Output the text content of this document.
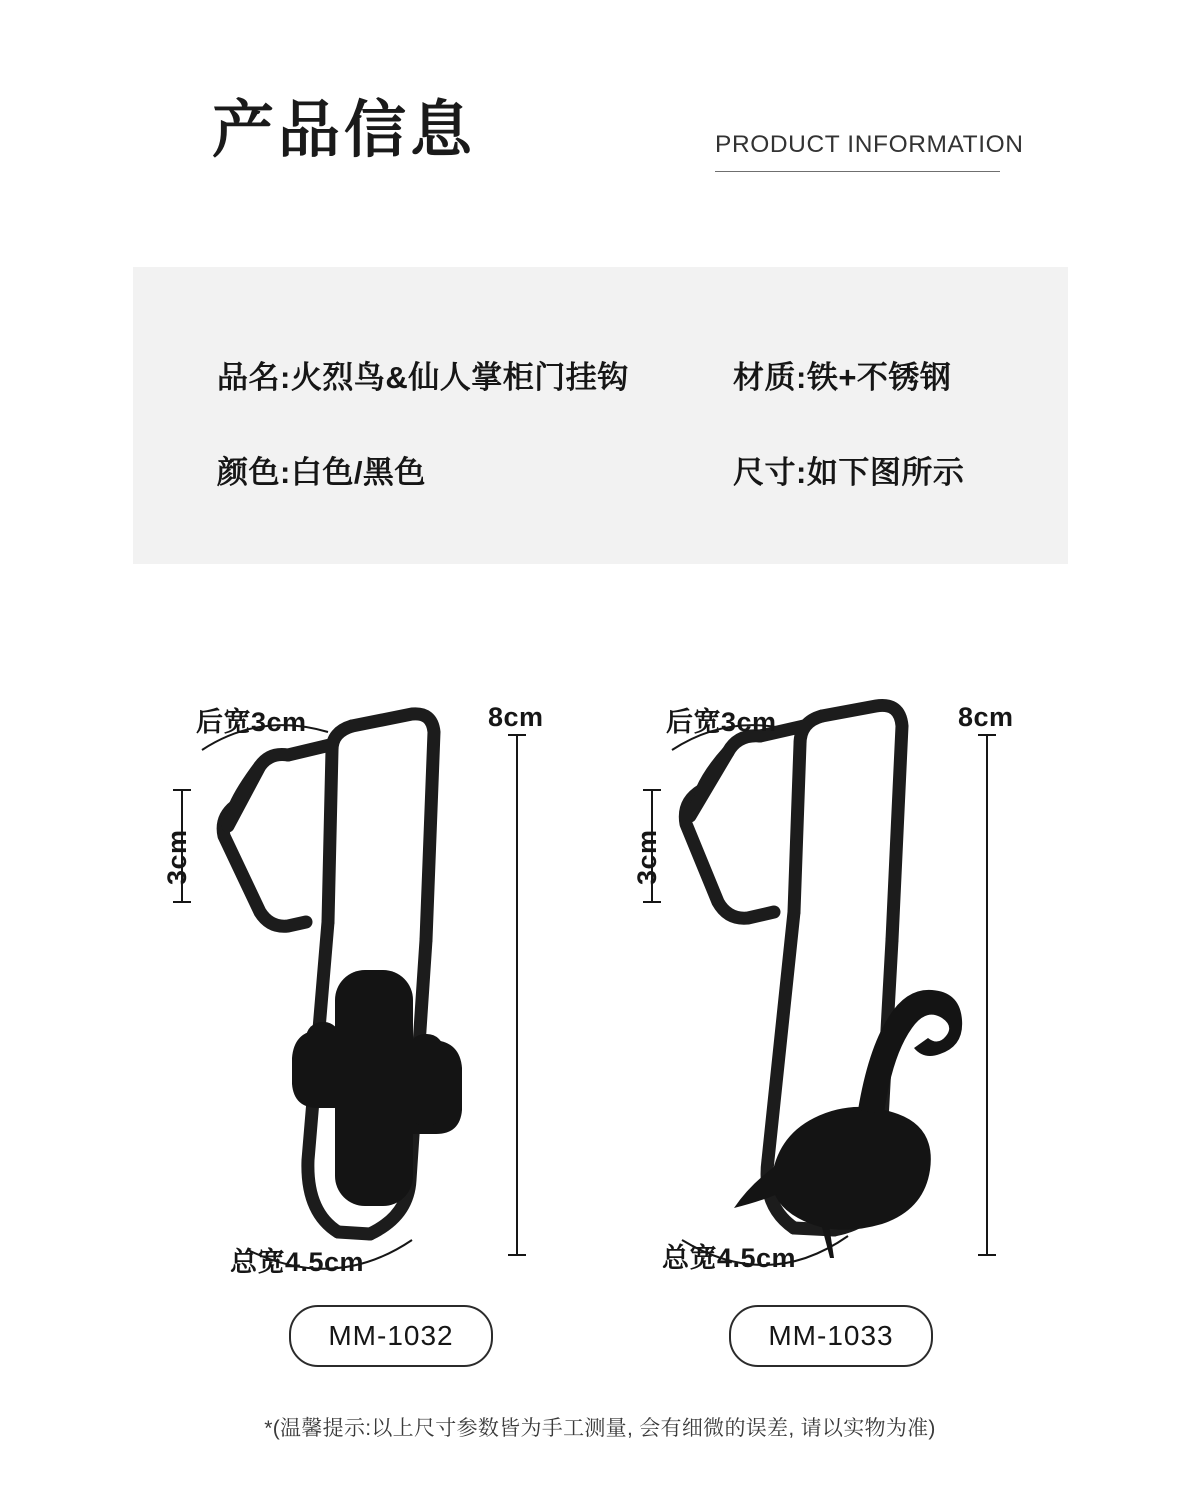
产品信息	PRODUCT INFORMATION
品名:火烈鸟&仙人掌柜门挂钩	材质:铁+不锈钢
颜色:白色/黑色	尺寸:如下图所示
后宽3cm
3cm
8cm
总宽4.5cm
后宽3cm
3cm
8cm
总宽4.5cm
MM-1032	MM-1033
*(温馨提示:以上尺寸参数皆为手工测量, 会有细微的误差, 请以实物为准)
